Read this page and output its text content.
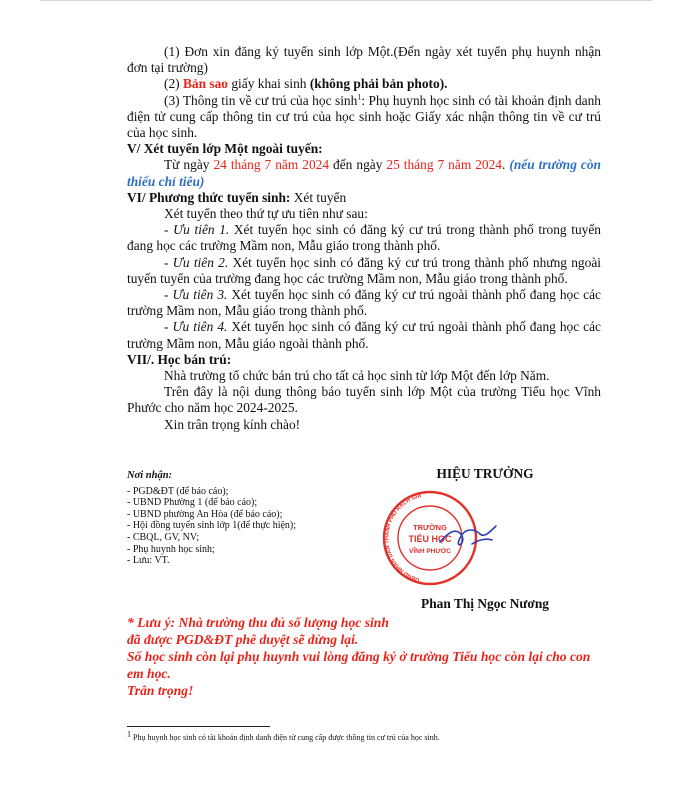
(1) Đơn xin đăng ký tuyển sinh lớp Một.(Đến ngày xét tuyển phụ huynh nhận đơn tại trường)

(2) Bản sao giấy khai sinh (không phải bản photo).

(3) Thông tin về cư trú của học $\sinh^1$: Phụ huynh học sinh có tài khoản định danh điện tử cung cấp thông tin cư trú của học sinh hoặc Giấy xác nhận thông tin về cư trú của học sinh.

V/ Xét tuyển lớp Một ngoài tuyến:

Từ ngày 24 tháng 7 năm 2024 đến ngày 25 tháng 7 năm 2024. (nếu trường còn thiếu chỉ tiêu)

VI/ Phương thức tuyển sinh: Xét tuyển

Xét tuyển theo thứ tự ưu tiên như sau:

- Ưu tiên 1. Xét tuyển học sinh có đăng ký cư trú trong thành phố trong tuyến đang học các trường Mầm non, Mẫu giáo trong thành phố.

- Ưu tiên 2. Xét tuyển học sinh có đăng ký cư trú trong thành phố nhưng ngoài tuyến tuyển của trường đang học các trường Mầm non, Mẫu giáo trong thành phố.

- Ưu tiên 3. Xét tuyển học sinh có đăng ký cư trú ngoài thành phố đang học các trường Mầm non, Mẫu giáo trong thành phố.

- Ưu tiên 4. Xét tuyển học sinh có đăng ký cư trú ngoài thành phố đang học các trường Mầm non, Mẫu giáo ngoài thành phố.

VII/. Học bán trú:

Nhà trường tổ chức bán trú cho tất cả học sinh từ lớp Một đến lớp Năm.

Trên đây là nội dung thông báo tuyển sinh lớp Một của trường Tiểu học Vĩnh Phước cho năm học 2024-2025.

Xin trân trọng kính chào!

Nơi nhận:

- PGD&ĐT (để báo cáo);

- UBND Phường 1 (để báo cáo);

- UBND phường An Hòa (để báo cáo);

- Hội đồng tuyển sinh lớp 1(để thực hiện);

- CBQL, GV, NV;

- Phụ huynh học sinh;

- Lưu: VT.

HIỆU TRƯỞNG
UBND NHÂN DÂN THÀNH PHỐ RẠCH GIÁ
TRƯỜNG
TIỂU HỌC
VĨNH PHƯỚC
Phan Thị Ngọc Nương

* Lưu ý: Nhà trường thu đủ số lượng học sinh

đã được PGD&ĐT phê duyệt sẽ dừng lại.

Số học sinh còn lại phụ huynh vui lòng đăng ký ở trường Tiểu học còn lại cho con em học.

Trân trọng!

$^1$ Phụ huynh học sinh có tài khoản định danh điện tử cung cấp được thông tin cư trú của học sinh.
